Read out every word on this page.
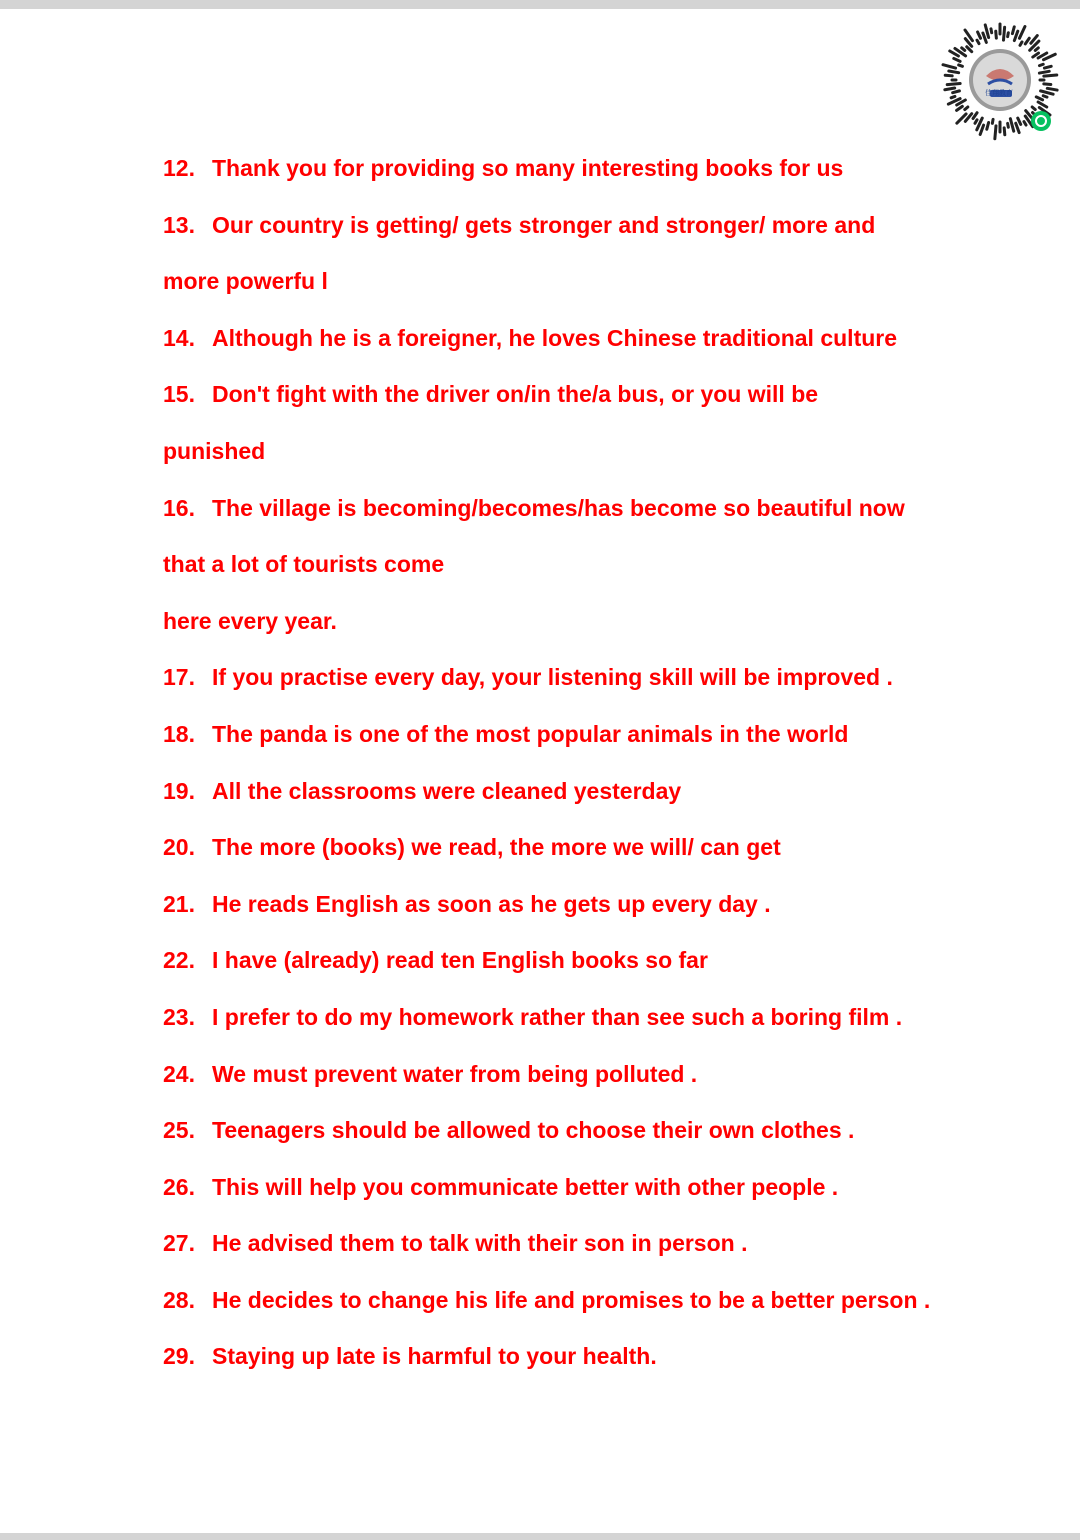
佳翔教育
12. Thank you for providing so many interesting books for us
13. Our country is getting/ gets stronger and stronger/ more and
more powerfu l
14. Although he is a foreigner, he loves Chinese traditional culture
15. Don't fight with the driver on/in the/a bus, or you will be
punished
16. The village is becoming/becomes/has become so beautiful now
that a lot of tourists come
here every year.
17. If you practise every day, your listening skill will be improved .
18. The panda is one of the most popular animals in the world
19. All the classrooms were cleaned yesterday
20. The more (books) we read, the more we will/ can get
21. He reads English as soon as he gets up every day .
22. I have (already) read ten English books so far
23. I prefer to do my homework rather than see such a boring film .
24. We must prevent water from being polluted .
25. Teenagers should be allowed to choose their own clothes .
26. This will help you communicate better with other people .
27. He advised them to talk with their son in person .
28. He decides to change his life and promises to be a better person .
29. Staying up late is harmful to your health.
